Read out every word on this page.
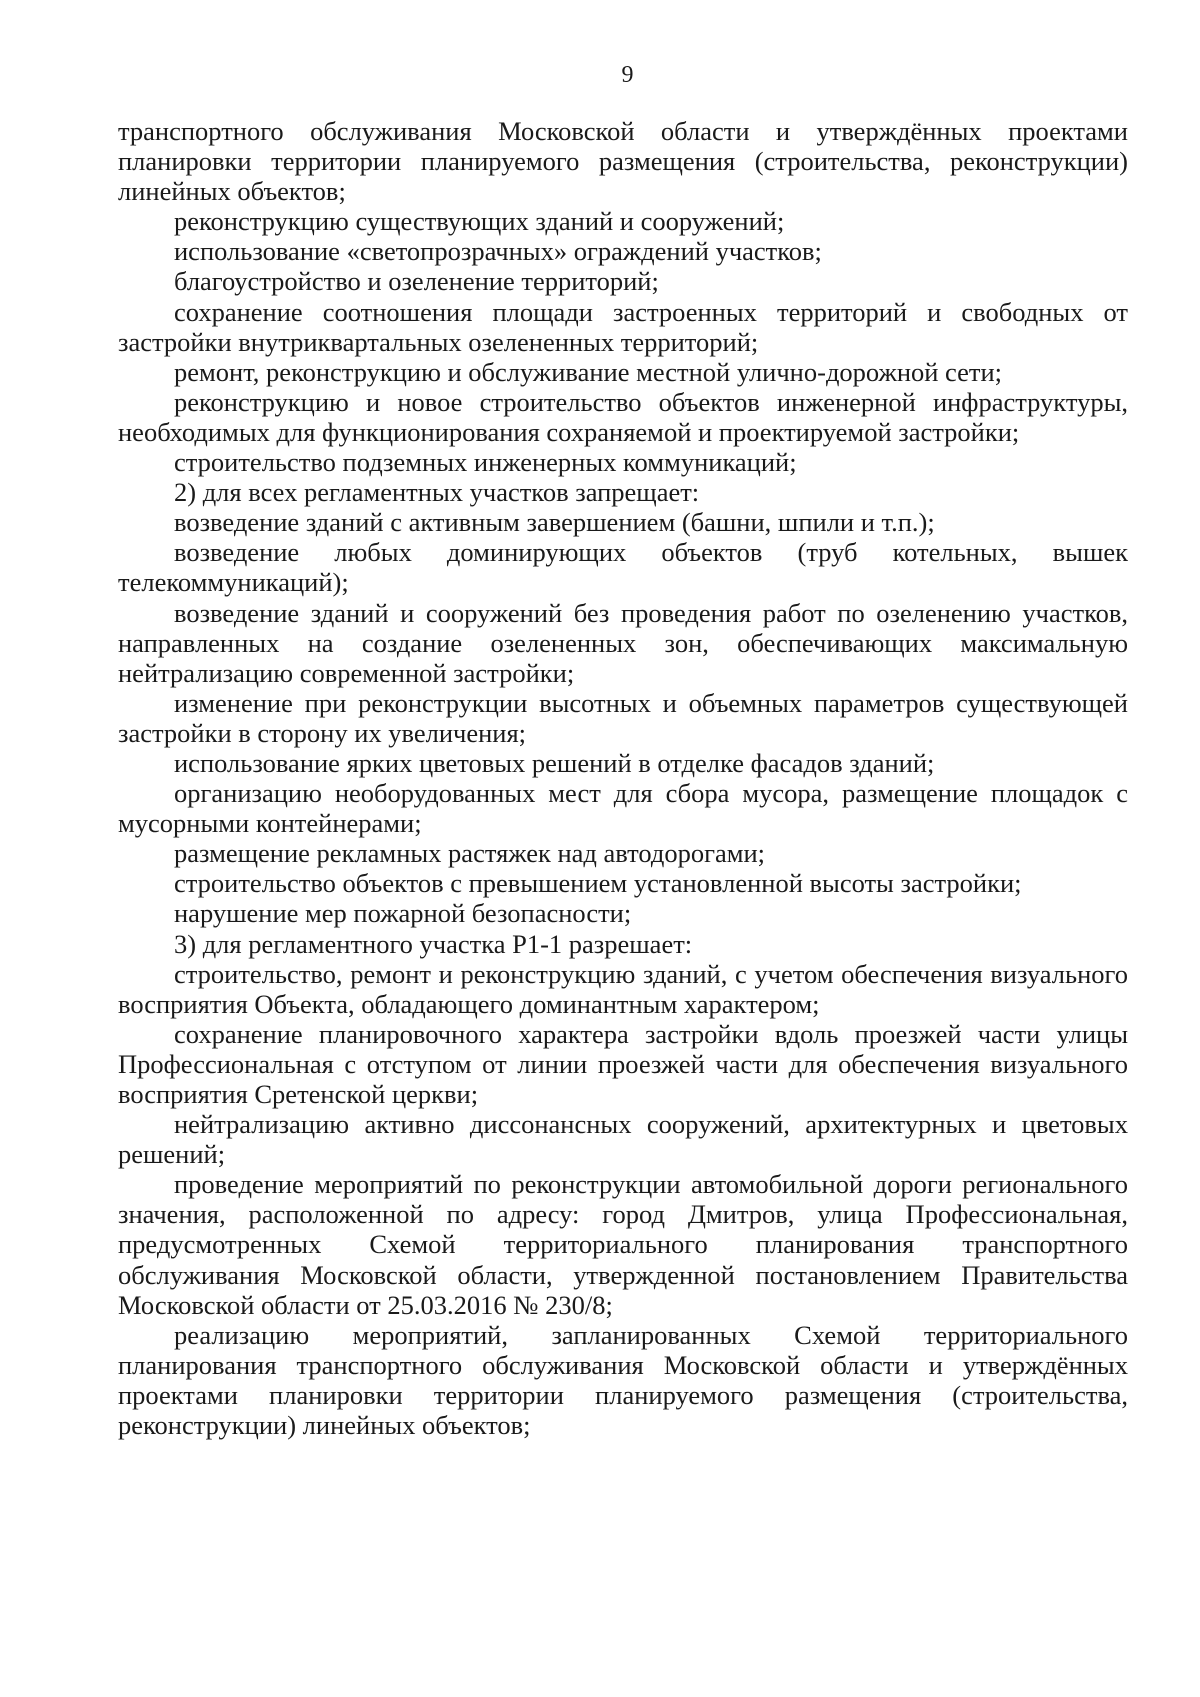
9

транспортного обслуживания Московской области и утверждённых проектами планировки территории планируемого размещения (строительства, реконструкции) линейных объектов;

реконструкцию существующих зданий и сооружений;

использование «светопрозрачных» ограждений участков;

благоустройство и озеленение территорий;

сохранение соотношения площади застроенных территорий и свободных от застройки внутриквартальных озелененных территорий;

ремонт, реконструкцию и обслуживание местной улично-дорожной сети;

реконструкцию и новое строительство объектов инженерной инфраструктуры, необходимых для функционирования сохраняемой и проектируемой застройки;

строительство подземных инженерных коммуникаций;

2) для всех регламентных участков запрещает:

возведение зданий с активным завершением (башни, шпили и т.п.);

возведение любых доминирующих объектов (труб котельных, вышек телекоммуникаций);

возведение зданий и сооружений без проведения работ по озеленению участков, направленных на создание озелененных зон, обеспечивающих максимальную нейтрализацию современной застройки;

изменение при реконструкции высотных и объемных параметров существующей застройки в сторону их увеличения;

использование ярких цветовых решений в отделке фасадов зданий;

организацию необорудованных мест для сбора мусора, размещение площадок с мусорными контейнерами;

размещение рекламных растяжек над автодорогами;

строительство объектов с превышением установленной высоты застройки;

нарушение мер пожарной безопасности;

3) для регламентного участка Р1-1 разрешает:

строительство, ремонт и реконструкцию зданий, с учетом обеспечения визуального восприятия Объекта, обладающего доминантным характером;

сохранение планировочного характера застройки вдоль проезжей части улицы Профессиональная с отступом от линии проезжей части для обеспечения визуального восприятия Сретенской церкви;

нейтрализацию активно диссонансных сооружений, архитектурных и цветовых решений;

проведение мероприятий по реконструкции автомобильной дороги регионального значения, расположенной по адресу: город Дмитров, улица Профессиональная, предусмотренных Схемой территориального планирования транспортного обслуживания Московской области, утвержденной постановлением Правительства Московской области от 25.03.2016 № 230/8;

реализацию мероприятий, запланированных Схемой территориального планирования транспортного обслуживания Московской области и утверждённых проектами планировки территории планируемого размещения (строительства, реконструкции) линейных объектов;
